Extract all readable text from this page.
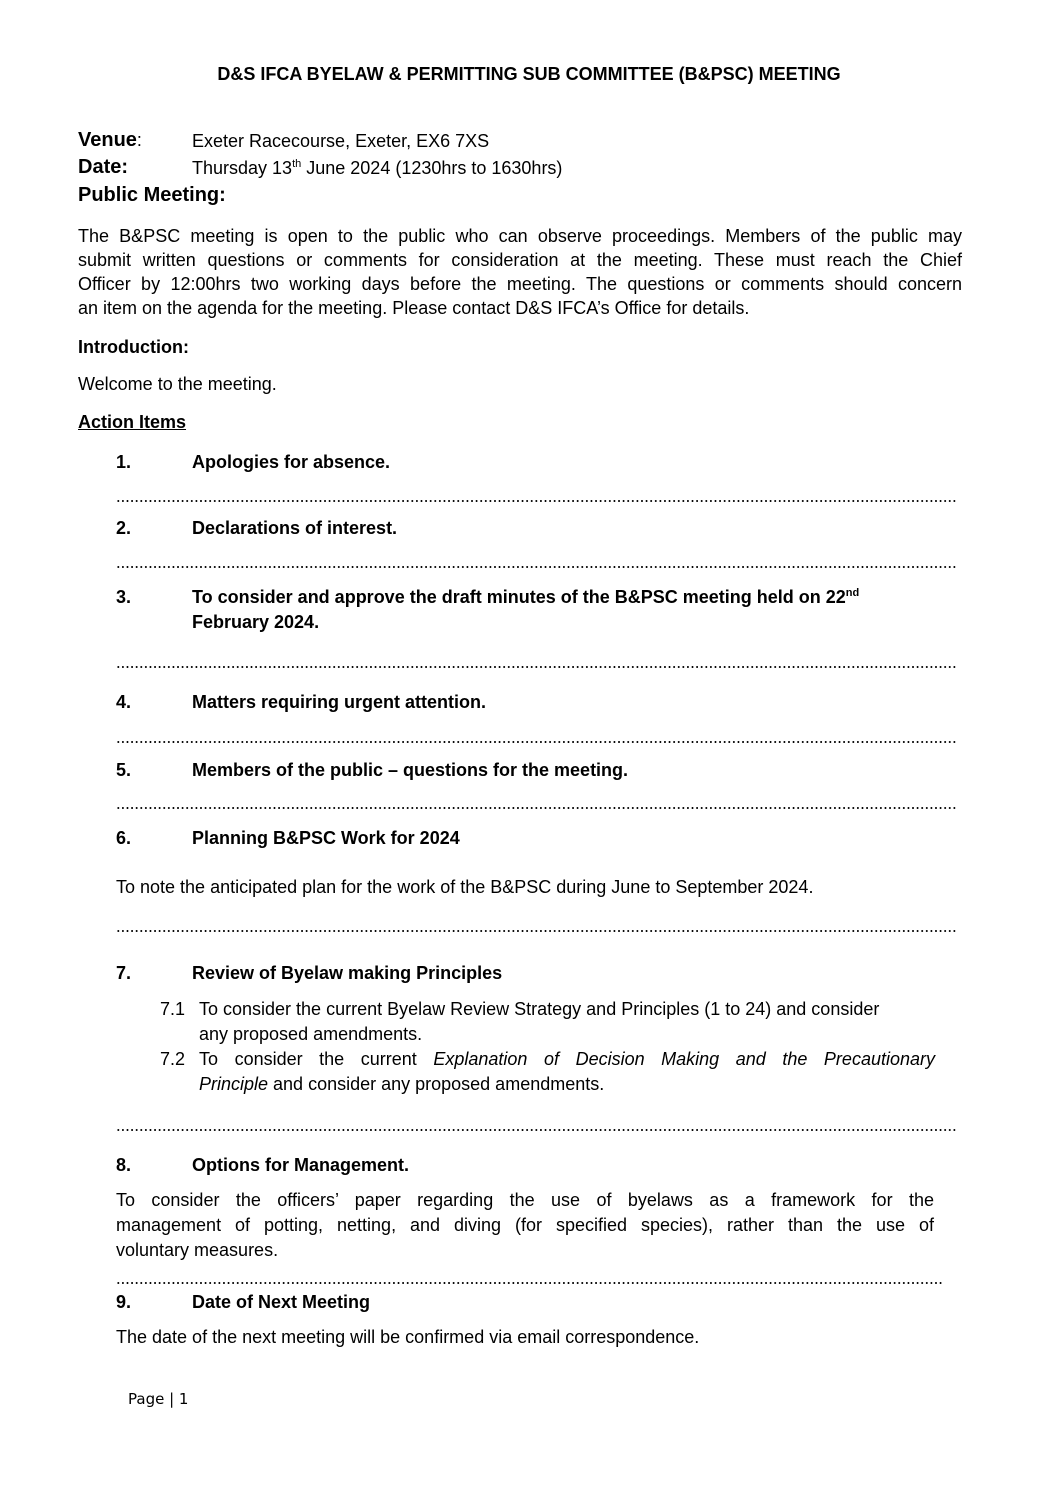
D&S IFCA BYELAW & PERMITTING SUB COMMITTEE (B&PSC) MEETING
Venue:	Exeter Racecourse, Exeter, EX6 7XS
Date:	Thursday 13th June 2024 (1230hrs to 1630hrs)
Public Meeting:
The B&PSC meeting is open to the public who can observe proceedings. Members of the public may
submit written questions or comments for consideration at the meeting. These must reach the Chief
Officer by 12:00hrs two working days before the meeting. The questions or comments should concern
an item on the agenda for the meeting. Please contact D&S IFCA’s Office for details.
Introduction:
Welcome to the meeting.
Action Items
1.	Apologies for absence.
2.	Declarations of interest.
3.	To consider and approve the draft minutes of the B&PSC meeting held on 22nd
February 2024.
4.	Matters requiring urgent attention.
5.	Members of the public – questions for the meeting.
6.	Planning B&PSC Work for 2024
To note the anticipated plan for the work of the B&PSC during June to September 2024.
7.	Review of Byelaw making Principles
7.1 To consider the current Byelaw Review Strategy and Principles (1 to 24) and consider
any proposed amendments.
7.2 To consider the current Explanation of Decision Making and the Precautionary
Principle and consider any proposed amendments.
8.	Options for Management.
To consider the officers’ paper regarding the use of byelaws as a framework for the
management of potting, netting, and diving (for specified species), rather than the use of
voluntary measures.
9.	Date of Next Meeting
The date of the next meeting will be confirmed via email correspondence.
Page | 1
